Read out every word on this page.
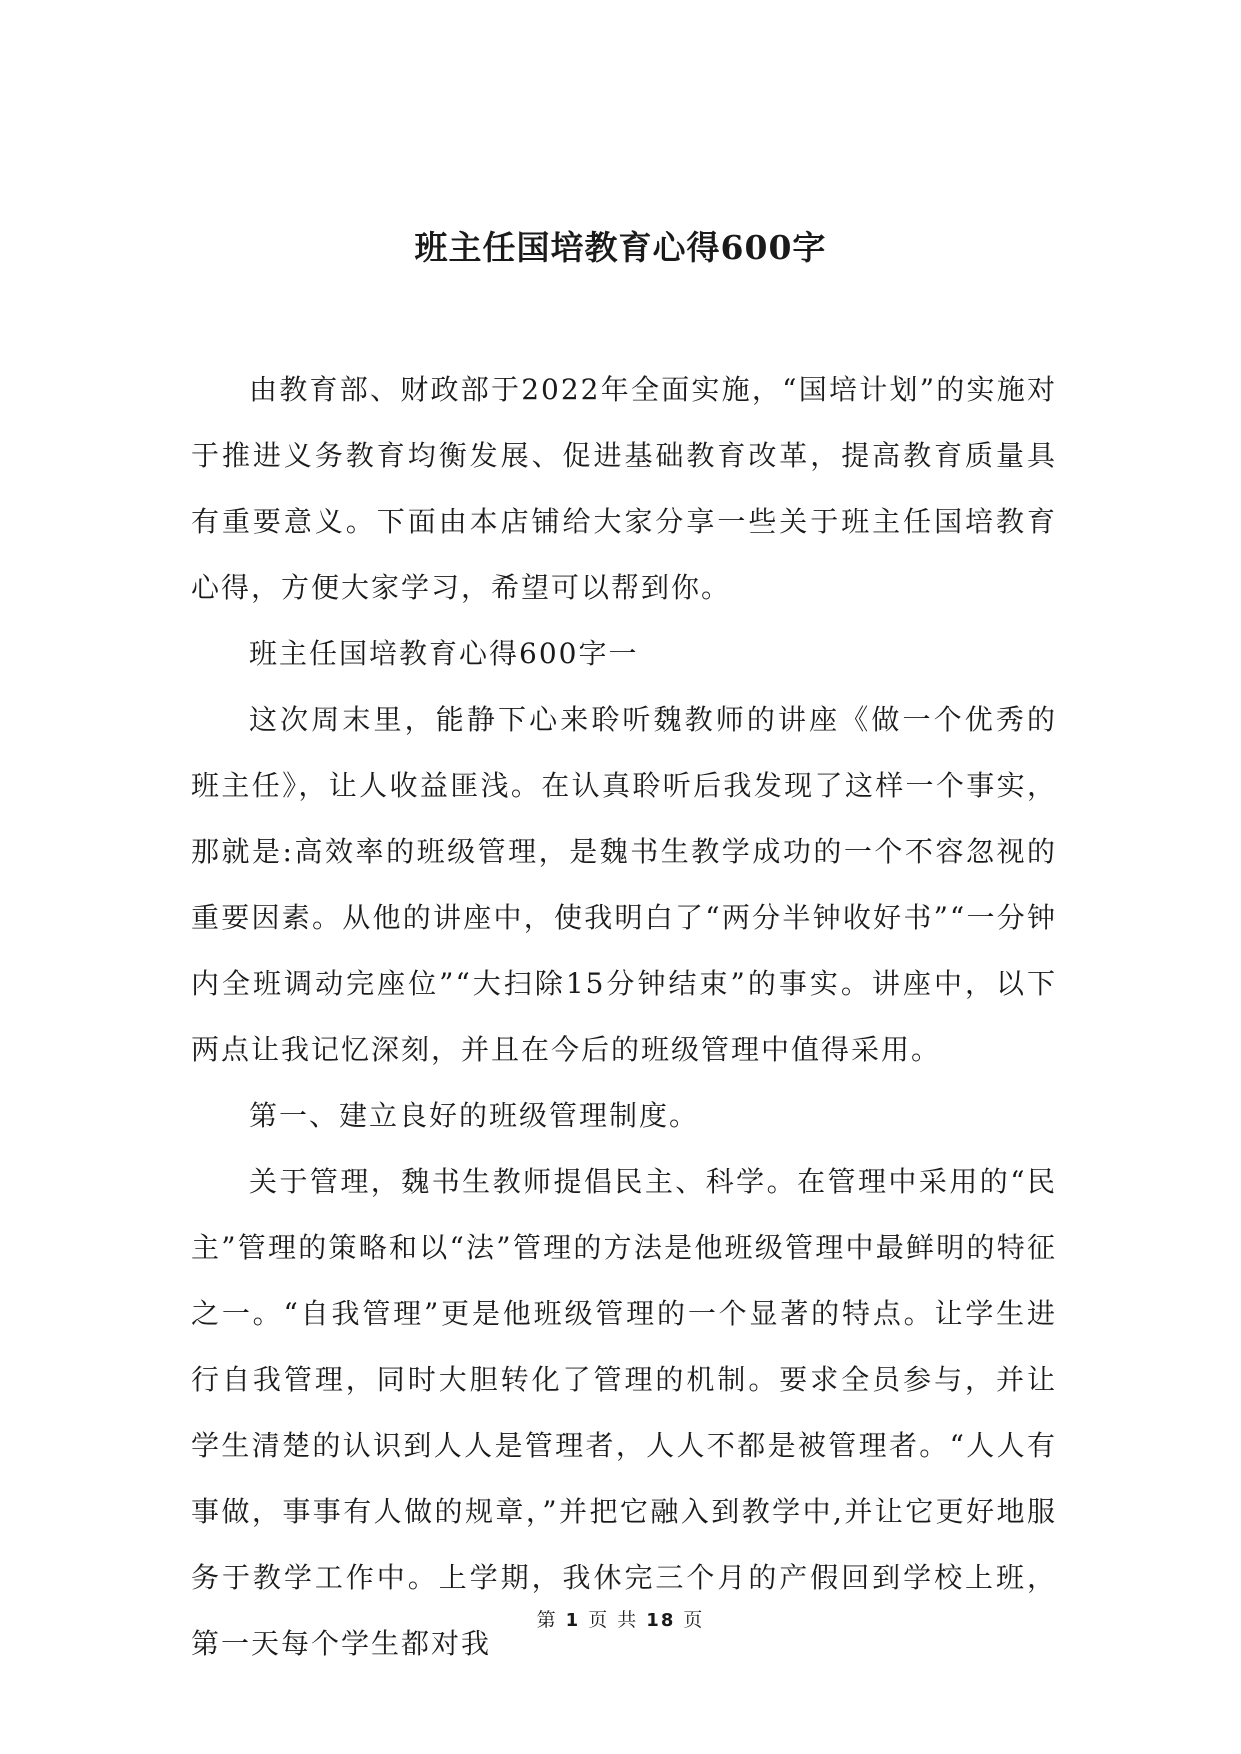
班主任国培教育心得600字

由教育部、财政部于2022年全面实施，“国培计划”的实施对于推进义务教育均衡发展、促进基础教育改革，提高教育质量具有重要意义。下面由本店铺给大家分享一些关于班主任国培教育心得，方便大家学习，希望可以帮到你。

班主任国培教育心得600字一

这次周末里，能静下心来聆听魏教师的讲座《做一个优秀的班主任》，让人收益匪浅。在认真聆听后我发现了这样一个事实，那就是:高效率的班级管理，是魏书生教学成功的一个不容忽视的重要因素。从他的讲座中，使我明白了“两分半钟收好书”“一分钟内全班调动完座位”“大扫除15分钟结束”的事实。讲座中，以下两点让我记忆深刻，并且在今后的班级管理中值得采用。

第一、建立良好的班级管理制度。

关于管理，魏书生教师提倡民主、科学。在管理中采用的“民主”管理的策略和以“法”管理的方法是他班级管理中最鲜明的特征之一。“自我管理”更是他班级管理的一个显著的特点。让学生进行自我管理，同时大胆转化了管理的机制。要求全员参与，并让学生清楚的认识到人人是管理者，人人不都是被管理者。“人人有事做，事事有人做的规章，”并把它融入到教学中,并让它更好地服务于教学工作中。上学期，我休完三个月的产假回到学校上班，第一天每个学生都对我

第 1 页 共 18 页
